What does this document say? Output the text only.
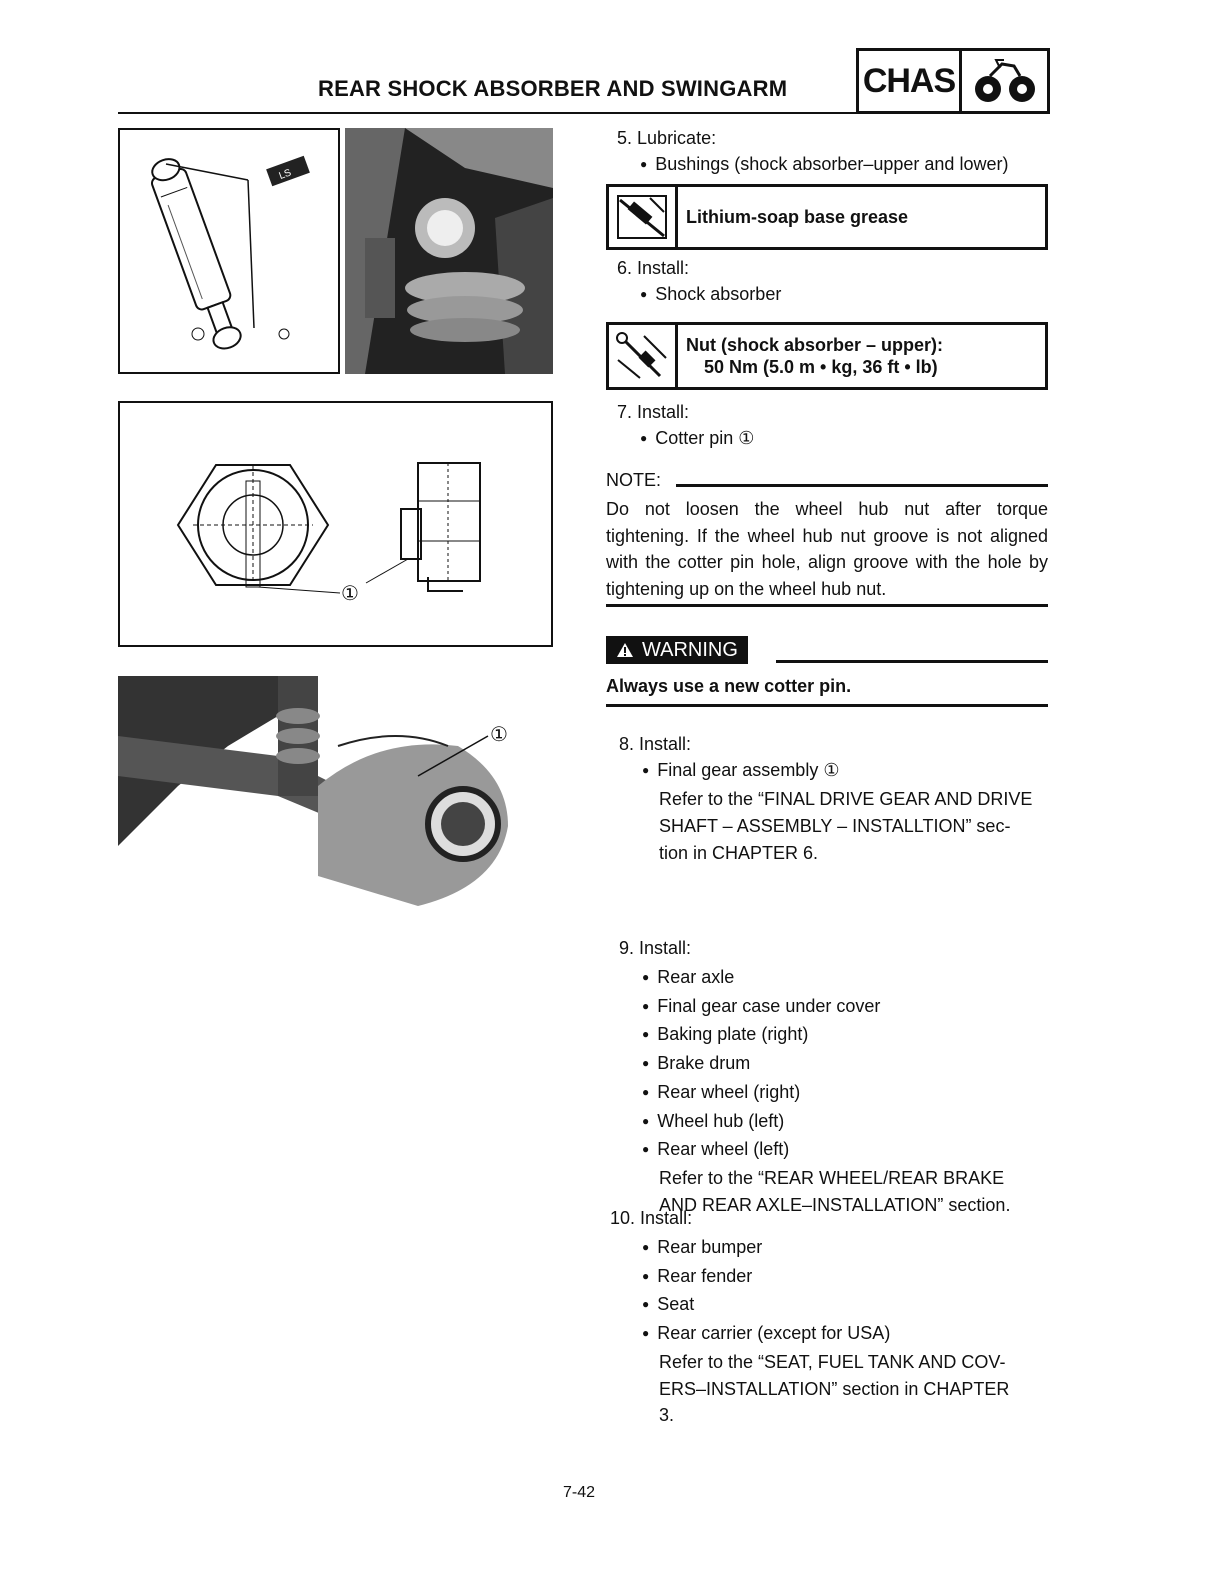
REAR SHOCK ABSORBER AND SWINGARM CHAS
LS
①
①
5. Lubricate:
● Bushings (shock absorber–upper and lower)
Lithium-soap base grease
6. Install:
● Shock absorber
Nut (shock absorber – upper):
50 Nm (5.0 m • kg, 36 ft • lb)
7. Install:
● Cotter pin ①
NOTE:
Do not loosen the wheel hub nut after torque tightening. If the wheel hub nut groove is not aligned with the cotter pin hole, align groove with the hole by tightening up on the wheel hub nut.
WARNING
Always use a new cotter pin.
8. Install:
● Final gear assembly ①
Refer to the “FINAL DRIVE GEAR AND DRIVE
SHAFT – ASSEMBLY – INSTALLTION” sec-
tion in CHAPTER 6.
9. Install:
● Rear axle
● Final gear case under cover
● Baking plate (right)
● Brake drum
● Rear wheel (right)
● Wheel hub (left)
● Rear wheel (left)
Refer to the “REAR WHEEL/REAR BRAKE
AND REAR AXLE–INSTALLATION” section.
10. Install:
● Rear bumper
● Rear fender
● Seat
● Rear carrier (except for USA)
Refer to the “SEAT, FUEL TANK AND COV-
ERS–INSTALLATION” section in CHAPTER
3.
7-42
